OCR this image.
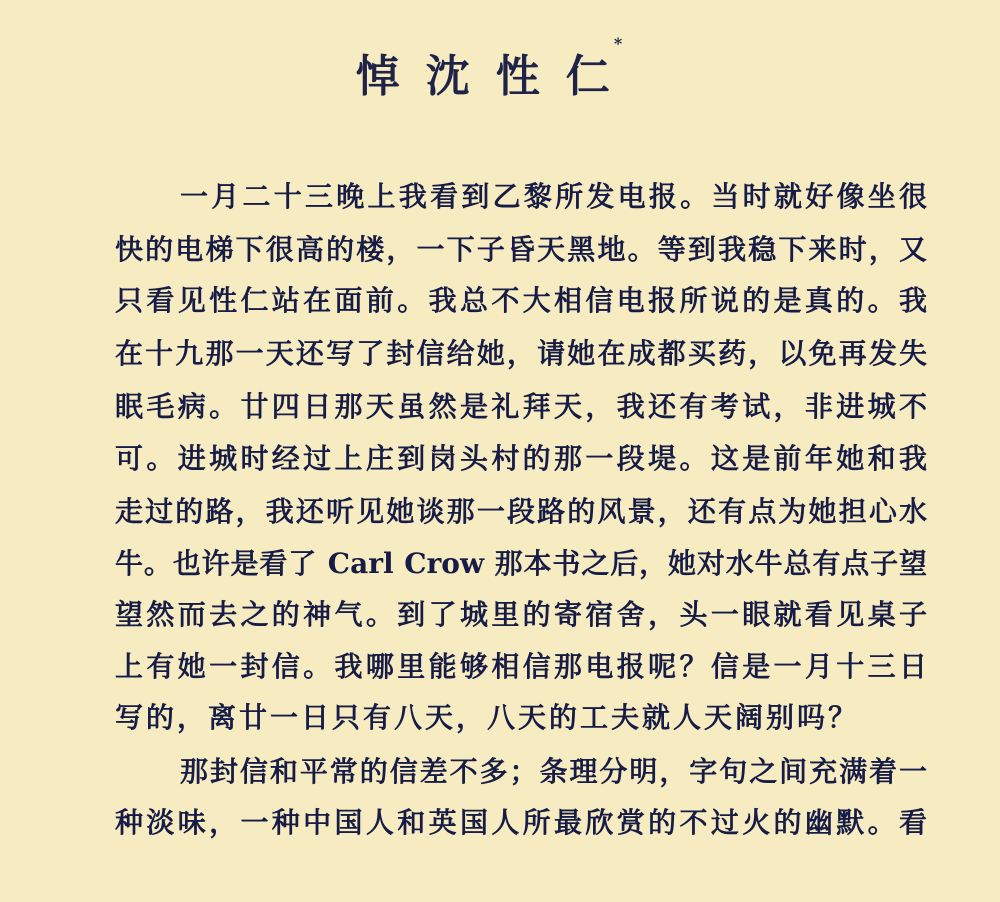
悼沈性仁*
一月二十三晚上我看到乙黎所发电报。当时就好像坐很
快的电梯下很高的楼，一下子昏天黑地。等到我稳下来时，又
只看见性仁站在面前。我总不大相信电报所说的是真的。我
在十九那一天还写了封信给她，请她在成都买药，以免再发失
眠毛病。廿四日那天虽然是礼拜天，我还有考试，非进城不
可。进城时经过上庄到岗头村的那一段堤。这是前年她和我
走过的路，我还听见她谈那一段路的风景，还有点为她担心水
牛。也许是看了 Carl Crow 那本书之后，她对水牛总有点子望
望然而去之的神气。到了城里的寄宿舍，头一眼就看见桌子
上有她一封信。我哪里能够相信那电报呢？信是一月十三日
写的，离廿一日只有八天，八天的工夫就人天阔别吗？
那封信和平常的信差不多；条理分明，字句之间充满着一
种淡味，一种中国人和英国人所最欣赏的不过火的幽默。看
